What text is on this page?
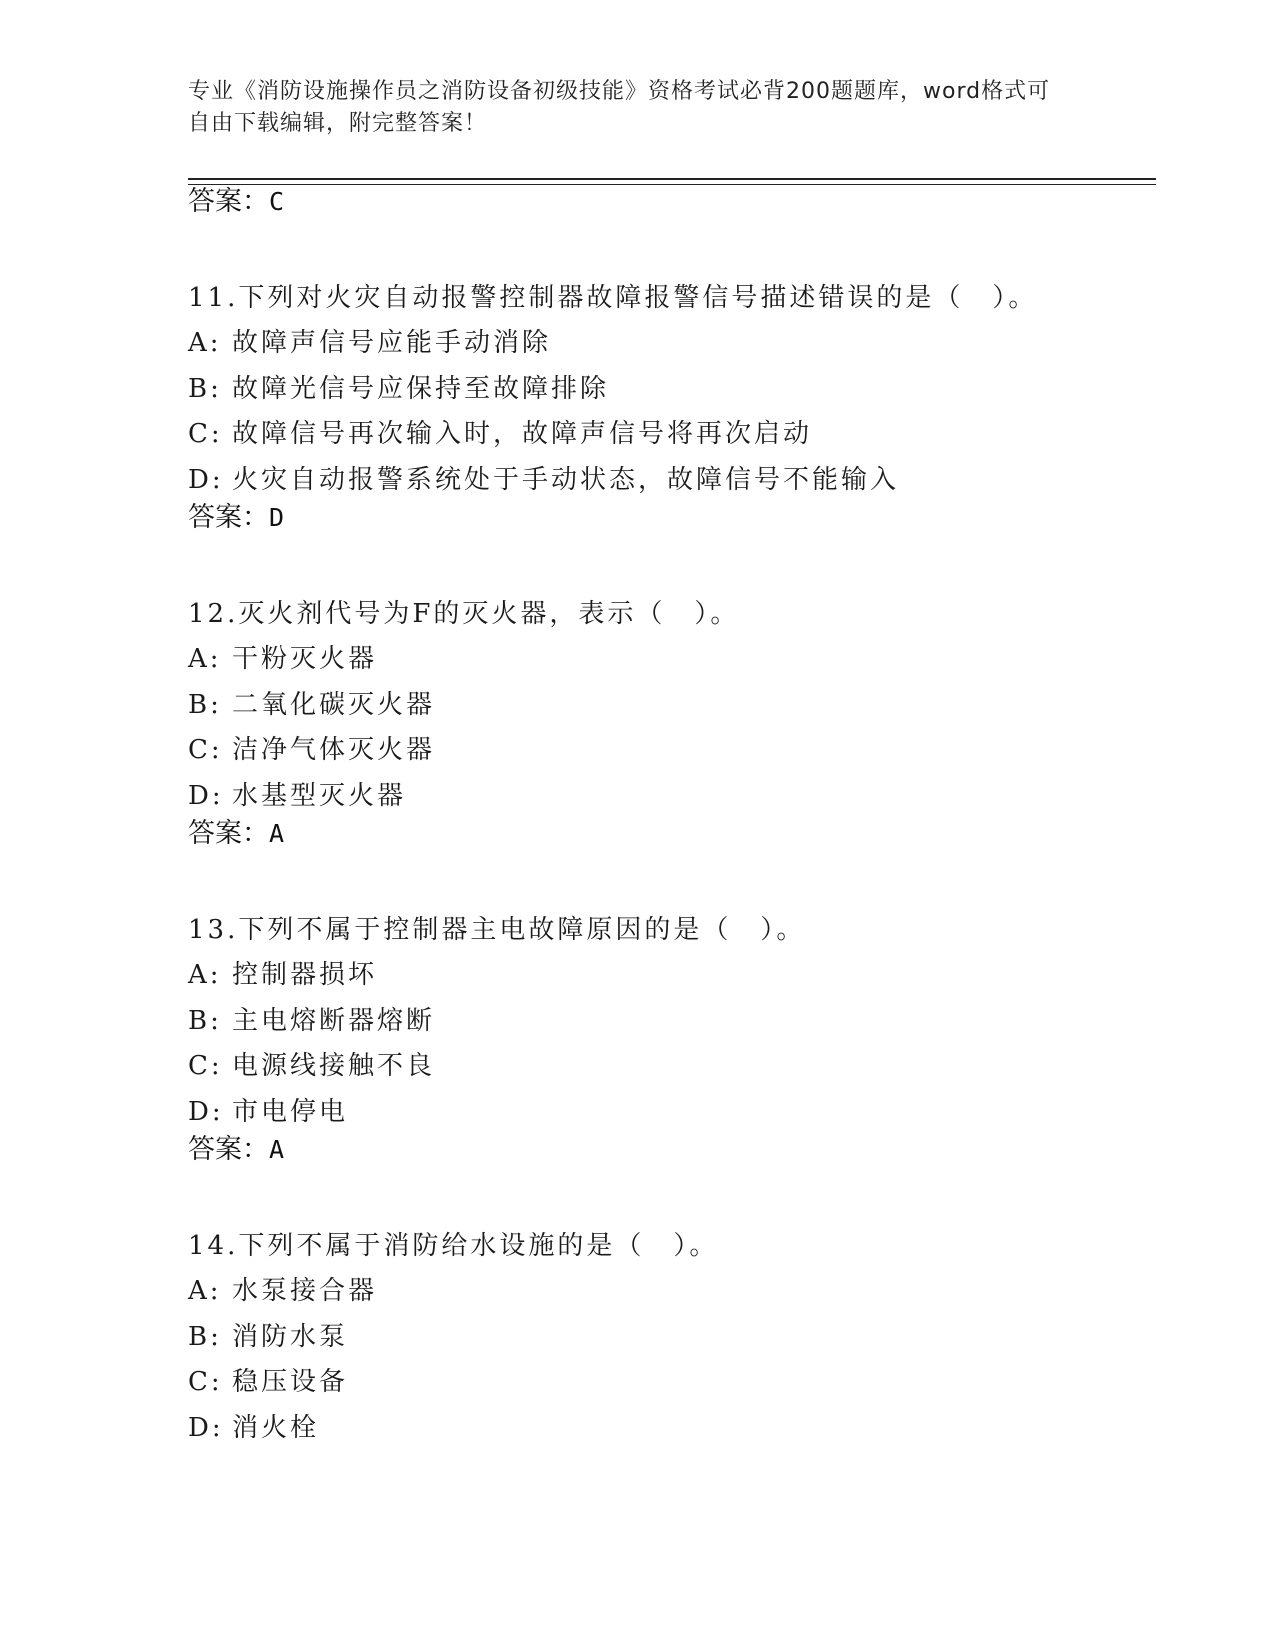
专业《消防设施操作员之消防设备初级技能》资格考试必背200题题库，word格式可自由下载编辑，附完整答案！
答案：C
11.下列对火灾自动报警控制器故障报警信号描述错误的是（　）。
A: 故障声信号应能手动消除
B: 故障光信号应保持至故障排除
C: 故障信号再次输入时，故障声信号将再次启动
D: 火灾自动报警系统处于手动状态，故障信号不能输入
答案：D
12.灭火剂代号为F的灭火器，表示（　）。
A: 干粉灭火器
B: 二氧化碳灭火器
C: 洁净气体灭火器
D: 水基型灭火器
答案：A
13.下列不属于控制器主电故障原因的是（　）。
A: 控制器损坏
B: 主电熔断器熔断
C: 电源线接触不良
D: 市电停电
答案：A
14.下列不属于消防给水设施的是（　）。
A: 水泵接合器
B: 消防水泵
C: 稳压设备
D: 消火栓
